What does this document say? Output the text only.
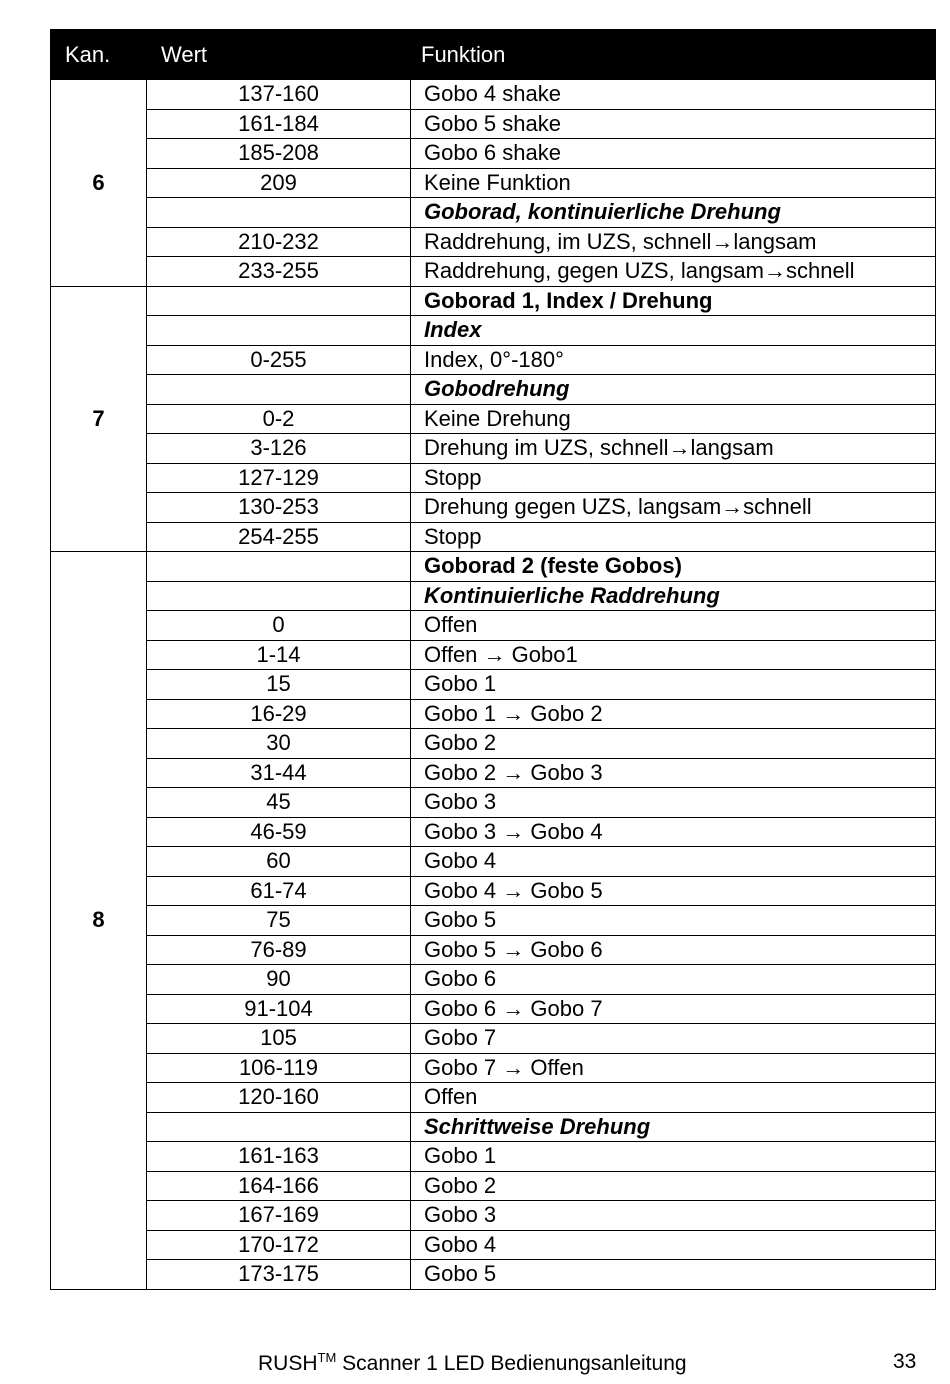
Kan.	Wert	Funktion
6	137-160	Gobo 4 shake
	161-184	Gobo 5 shake
	185-208	Gobo 6 shake
	209	Keine Funktion
		Goborad, kontinuierliche Drehung
	210-232	Raddrehung, im UZS, schnell→langsam
	233-255	Raddrehung, gegen UZS, langsam→schnell
7		Goborad 1, Index / Drehung
		Index
	0-255	Index, 0°-180°
		Gobodrehung
	0-2	Keine Drehung
	3-126	Drehung im UZS, schnell→langsam
	127-129	Stopp
	130-253	Drehung gegen UZS, langsam→schnell
	254-255	Stopp
8		Goborad 2 (feste Gobos)
		Kontinuierliche Raddrehung
	0	Offen
	1-14	Offen → Gobo1
	15	Gobo 1
	16-29	Gobo 1 → Gobo 2
	30	Gobo 2
	31-44	Gobo 2 → Gobo 3
	45	Gobo 3
	46-59	Gobo 3 → Gobo 4
	60	Gobo 4
	61-74	Gobo 4 → Gobo 5
	75	Gobo 5
	76-89	Gobo 5 → Gobo 6
	90	Gobo 6
	91-104	Gobo 6 → Gobo 7
	105	Gobo 7
	106-119	Gobo 7 → Offen
	120-160	Offen
		Schrittweise Drehung
	161-163	Gobo 1
	164-166	Gobo 2
	167-169	Gobo 3
	170-172	Gobo 4
	173-175	Gobo 5
RUSH™ Scanner 1 LED Bedienungsanleitung	33
